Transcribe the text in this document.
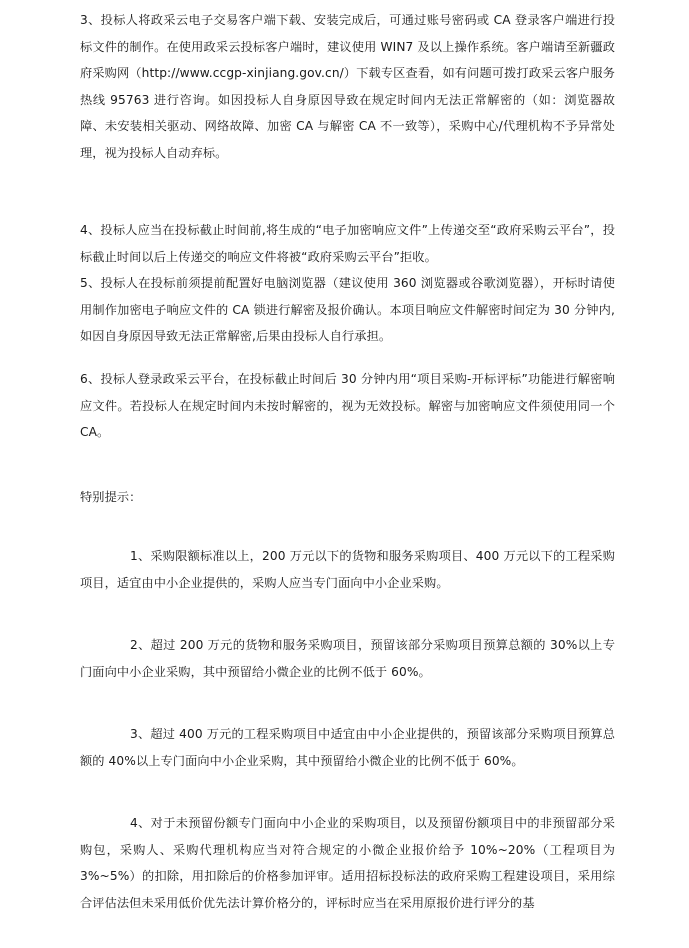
3、投标人将政采云电子交易客户端下载、安装完成后，可通过账号密码或 CA 登录客户端进行投标文件的制作。在使用政采云投标客户端时，建议使用 WIN7 及以上操作系统。客户端请至新疆政府采购网（http://www.ccgp-xinjiang.gov.cn/）下载专区查看，如有问题可拨打政采云客户服务热线 95763 进行咨询。如因投标人自身原因导致在规定时间内无法正常解密的（如：浏览器故障、未安装相关驱动、网络故障、加密 CA 与解密 CA 不一致等），采购中心/代理机构不予异常处理，视为投标人自动弃标。

4、投标人应当在投标截止时间前,将生成的“电子加密响应文件”上传递交至“政府采购云平台”，投标截止时间以后上传递交的响应文件将被“政府采购云平台”拒收。

5、投标人在投标前须提前配置好电脑浏览器（建议使用 360 浏览器或谷歌浏览器），开标时请使用制作加密电子响应文件的 CA 锁进行解密及报价确认。本项目响应文件解密时间定为 30 分钟内,如因自身原因导致无法正常解密,后果由投标人自行承担。

6、投标人登录政采云平台，在投标截止时间后 30 分钟内用“项目采购-开标评标”功能进行解密响应文件。若投标人在规定时间内未按时解密的，视为无效投标。解密与加密响应文件须使用同一个 CA。

特别提示：

1、采购限额标准以上，200 万元以下的货物和服务采购项目、400 万元以下的工程采购项目，适宜由中小企业提供的，采购人应当专门面向中小企业采购。

2、超过 200 万元的货物和服务采购项目，预留该部分采购项目预算总额的 30%以上专门面向中小企业采购，其中预留给小微企业的比例不低于 60%。

3、超过 400 万元的工程采购项目中适宜由中小企业提供的，预留该部分采购项目预算总额的 40%以上专门面向中小企业采购，其中预留给小微企业的比例不低于 60%。

4、对于未预留份额专门面向中小企业的采购项目，以及预留份额项目中的非预留部分采购包，采购人、采购代理机构应当对符合规定的小微企业报价给予 10%~20%（工程项目为 3%~5%）的扣除，用扣除后的价格参加评审。适用招标投标法的政府采购工程建设项目，采用综合评估法但未采用低价优先法计算价格分的，评标时应当在采用原报价进行评分的基
